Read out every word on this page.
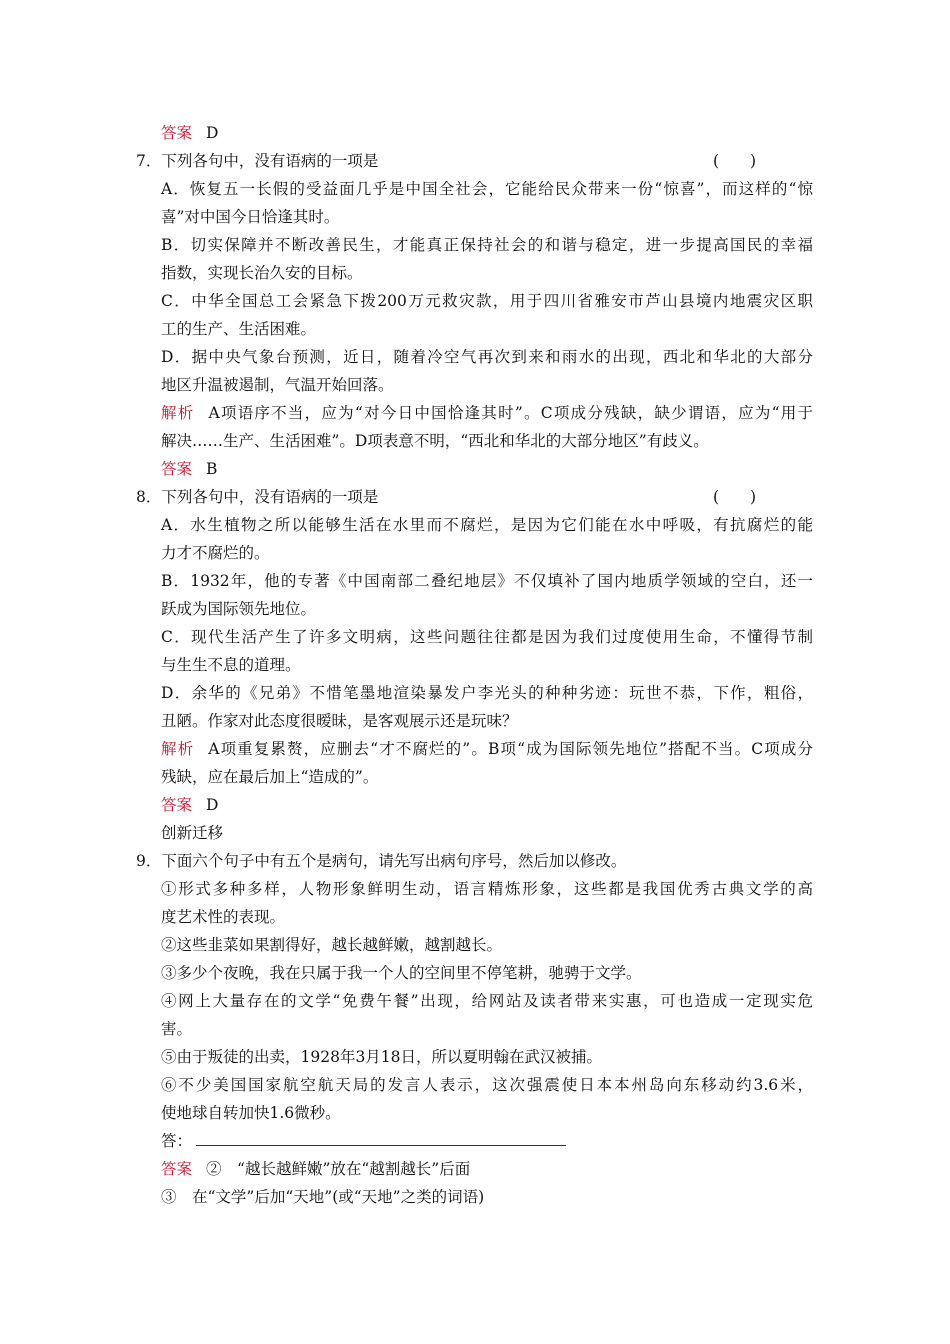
答案 D
7．下列各句中，没有语病的一项是	(　　)
A．恢复五一长假的受益面几乎是中国全社会，它能给民众带来一份“惊喜”，而这样的“惊
喜”对中国今日恰逢其时。
B．切实保障并不断改善民生，才能真正保持社会的和谐与稳定，进一步提高国民的幸福
指数，实现长治久安的目标。
C．中华全国总工会紧急下拨200万元救灾款，用于四川省雅安市芦山县境内地震灾区职
工的生产、生活困难。
D．据中央气象台预测，近日，随着冷空气再次到来和雨水的出现，西北和华北的大部分
地区升温被遏制，气温开始回落。
解析 A项语序不当，应为“对今日中国恰逢其时”。C项成分残缺，缺少谓语，应为“用于
解决……生产、生活困难”。D项表意不明，“西北和华北的大部分地区”有歧义。
答案 B
8．下列各句中，没有语病的一项是	(　　)
A．水生植物之所以能够生活在水里而不腐烂，是因为它们能在水中呼吸，有抗腐烂的能
力才不腐烂的。
B．1932年，他的专著《中国南部二叠纪地层》不仅填补了国内地质学领域的空白，还一
跃成为国际领先地位。
C．现代生活产生了许多文明病，这些问题往往都是因为我们过度使用生命，不懂得节制
与生生不息的道理。
D．余华的《兄弟》不惜笔墨地渲染暴发户李光头的种种劣迹：玩世不恭，下作，粗俗，
丑陋。作家对此态度很暧昧，是客观展示还是玩味？
解析 A项重复累赘，应删去“才不腐烂的”。B项“成为国际领先地位”搭配不当。C项成分
残缺，应在最后加上“造成的”。
答案 D
创新迁移
9．下面六个句子中有五个是病句，请先写出病句序号，然后加以修改。
①形式多种多样，人物形象鲜明生动，语言精炼形象，这些都是我国优秀古典文学的高
度艺术性的表现。
②这些韭菜如果割得好，越长越鲜嫩，越割越长。
③多少个夜晚，我在只属于我一个人的空间里不停笔耕，驰骋于文学。
④网上大量存在的文学“免费午餐”出现，给网站及读者带来实惠，可也造成一定现实危
害。
⑤由于叛徒的出卖，1928年3月18日，所以夏明翰在武汉被捕。
⑥不少美国国家航空航天局的发言人表示，这次强震使日本本州岛向东移动约3.6米，
使地球自转加快1.6微秒。
答：
答案 ②　“越长越鲜嫩”放在“越割越长”后面
③　在“文学”后加“天地”(或“天地”之类的词语)
